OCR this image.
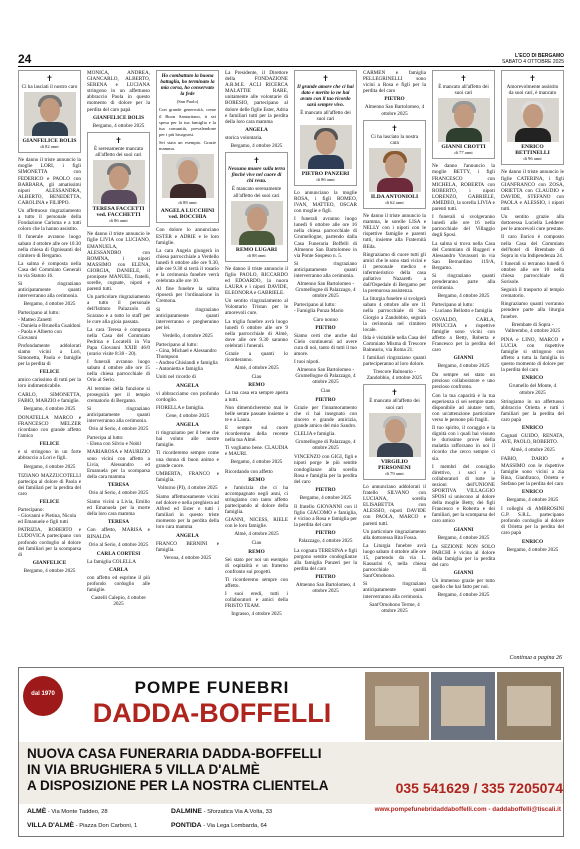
24	L'ECO DI BERGAMO
SABATO 4 OTTOBRE 2025
✝
Ci ha lasciati il nostro caro
GIANFELICE BOLIS
di 82 anni

Ne danno il triste annuncio la moglie LORI, i figli SIMONETTA con FEDERICO e PAOLO con BARBARA, gli amatissimi nipoti ALESSANDRA, ALBERTO, BENEDETTA, CAROLINA e FILIPPO.

Un affettuoso ringraziamento a tutto il personale della Fondazione Carisma e a tutti coloro che la hanno assistito.

Il funerale avranno luogo sabato 4 ottobre alle ore 10.30 nella chiesa di Ognissanti del cimitero di Bergamo.

La salma è composta nella Casa del Commiato Generali in via Statuto 16.

Si ringraziano anticipatamente quanti interverranno alla cerimonia.

Bergamo, 4 ottobre 2025

Partecipano al lutto:
- Matteo Zanetti
- Daniela e Brunella Gualdoni
- Paola e Alberto con Giovanni

Profondamente addolorati siamo vicini a Lori, Simonetta, Paola e famiglie per la perdita di

FELICE

amico carissimo di tutti per la loro indimenticabile.

CARLO, SIMONETTA, FABIO, MARZIO e famiglie.

Bergamo, 4 ottobre 2025

DONATELLA MARCO e FRANCESCO MELZER ricordano con grande affetto l'amico

FELICE

e si stringono in un forte abbraccio a Lori e figli.

Bergamo, 4 ottobre 2025

TIZIANO MAZZUCOTELLI partecipa al dolore di Paola e dei familiari per la perdita del caro

FELICE

Partecipano:
- Giovanni e Pietina, Nicola ed Emanuele e figli tutti

PATRIZIA, ROBERTO e LUDOVICA partecipano con profondo cordoglio al dolore dei familiari per la scomparsa di

GIANFELICE
Bergamo, 4 ottobre 2025

MONICA, ANDREA, GIANCARLO, ALBERTO, SERENA e LUCIANA stringono in un affettuoso abbraccio Paola in questo momento di dolore per la perdita del caro papà

GIANFELICE BOLIS
Bergamo, 4 ottobre 2025
✝
È serenamente mancata all'affetto dei suoi cari
TERESA FACCETTI ved. FACCHETTI
di 86 anni

Ne danno il triste annuncio le figlie LIVIA con LUCIANO, EMANUELA, ALESSANDRO con ROMINA, i nipoti MASSIMO con ELENA, GIORGIA, DANIELE, il pronipote MANUEL, fratelli, sorelle, cognate, nipoti e parenti tutti.

Un particolare ringraziamento a tutto il personale dell'Istituto Palazzolo di Scarano e a tutto lo staff per le cure alla gioia passata.

La cara Teresa è composta nella Casa del Commiato Pedrina e Locatelli in Via Papa Giovanni XXIII 46/0 (orario visite 8:30 - 20).

I funerali avranno luogo sabato 4 ottobre alle ore 15 nella chiesa parrocchiale di Orio al Serio.

Al termine della funzione si proseguirà per il tempio crematorio di Bergamo.

Si ringraziano anticipatamente quanti interverranno alla cerimonia.

Orio al Serio, 4 ottobre 2025

Partecipa al lutto:
- Elena con Silvio e Nobil

MARIAROSA e MAURIZIO sono vicini con affetto a Livia, Alessandro ed Emanuela per la scomparsa della cara mamma

TERESA
Orio al Serio, 4 ottobre 2025

Siamo vicini a Livia, Emilio ed Emanuela per la morte della loro cara mamma

TERESA

Con affetto, MARISA e RINALDA

Orio al Serio, 4 ottobre 2025
CARLA CORTESI

La famiglia COLELLA

CARLA

con affetto ed esprime il più profondo cordoglio alle famiglie.

Castelli Calepio, 4 ottobre 2025
Ho combattuto la buona battaglia, ho terminato la mia corsa, ho conservato la fede
(San Paolo)

Con grande generosità, come il Buon Samaritano, ti sei spesa per la tua famiglia e la tua comunità, prevalendone per i più bisognosi.

Sei stata un esempio. Grazie mamma.

di 88 anni
ANGELA LUCCHINI ved. BOCCHIA

Con dolore lo annunciano ESTER e ADRIE e le loro famiglie.

La cara Angela giungerà in chiesa parrocchiale a Verdello lunedì 6 ottobre alle ore 9.30, alle ore 9.30 si terrà il rosario e la cerimonia funebre verrà celebrata alle ore 10.

Al fine funebre la salma riposerà per l'ordinazione in Cremona.

Si ringraziano anticipatamente quanti interverranno e pregheranno per lei.

Verdello, 4 ottobre 2025

Partecipano al lutto:
- Gina, Michael e Alessandro Thompson
- Andrea Ghislandi e famiglia
- Antonietta e famiglia

Uniti nel ricordo di

ANGELA

vi abbracciamo con profondo cordoglio.

FIORELLA e famiglia.

Cene, 4 ottobre 2025
ANGELA

ti ringraziamo per il bene che hai voluto alle nostre famiglie.

Ti ricorderemo sempre come una donna di buon animo e grande cuore.

UMBERTA, FRANCO e famiglia.

Volturno (PI), 4 ottobre 2025

Siamo affettuosamente vicini nel dolore e nella preghiera ad Alfred ed Ester e tutti i familiari in questo triste momento per la perdita della loro cara mamma

ANGELA

FRANCO BERNINI e famiglia.

Verona, 4 ottobre 2025

La Presidente, il Direttore della FONDAZIONE A.R.M.E. ACLI RICERCA MALATTIE RARE, unitamente alle volontarie di BORESIO, partecipano al dolore delle figlie Ester, Adria e familiari tutti per la perdita della loro cara mamma

ANGELA

storica volontaria.

Bergamo, 4 ottobre 2025
✝
Nessuno muore sulla terra finché vive nel cuore di chi resta.
È mancato serenamente all'affetto dei suoi cari
REMO LUGARI
di 88 anni

Ne danno il triste annuncio il figlio PAOLO, RICCARDO ed EDOARDO, la nuora LAURA e i nipoti DAVIDE, ELEONORA e GABRIELE.

Un sentito ringraziamento al Volontario Tristan per le amorevoli cure.

La triglia funebre avrà luogo lunedì 6 ottobre alle ore 9 nella parrocchiale di Almè, dove alle ore 9.30 saranno celebrati i funerali.

Grazie a quanti lo ricorderanno.

Almè, 4 ottobre 2025
Ciao
REMO

La tua casa era sempre aperta a tutti.

Non dimenticheremo mai le belle serate passate insieme a te e a Laura.

E sempre sul cuore ricorderemo della recente nella tua Almè.

Ti vogliamo bene. CLAUDIA e MAURI.

Bergamo, 4 ottobre 2025

Ricordando con affetto

REMO

e l'amicizia che ci ha accompagnato negli anni, ci stringiamo con tanto affetto partecipando al dolore della famiglia.

GIANNI, NICESS, RIELE con le loro famiglie.

Almè, 4 ottobre 2025
Ciao
REMO

Sei stato per noi un esempio di ospitalità e un fraterno confronto sui progetti.

Ti ricorderemo sempre con affetto.

I suoi eredi, tutti i collaboratori e amici della FRISTO TEAM.

Ingrasso, 4 ottobre 2025
✝
Il grande amore che ci hai dato e merito io ne hai avuto con il tuo ricordo sarà sempre vivo.
È mancato all'affetto dei suoi cari
PIETRO PANZERI
di 86 anni

Lo annunciano la moglie ROSA, i figli ROMEO, IVAN, MATTEO, OSCAR con moglie e figli.

I funerali avranno luogo lunedì 6 ottobre alle ore 16 nella chiesa parrocchiale di Grumellogne, partendo dalla Casa Funeraria Boffelli di Almenno San Bartolomeo in via Ponte Sospeso n. 5.

Si ringraziano anticipatamente quanti interverranno alla cerimonia.

Almenno San Bartolomeo - Grumellogne di Palazzago, 4 ottobre 2025

Partecipano al lutto:
- Famiglia Punza Mario

Caro nonno
PIETRO

Siamo certi che anche dal Cielo continuerai ad avere cura di noi, tanto di tutti il tuo amore.

I tuoi nipoti.

Almenno San Bartolomeo - Grumellogne di Palazzago, 4 ottobre 2025
Ciao
PIETRO

Grazie per l'innamoramento che ci hai insegnato con sincero e grande amicizia, grande amico del mio Sandro.

CLELIA e famiglia.

Grumellogne di Palazzago, 4 ottobre 2025

VINCENZO con GIGI, figli e nipoti porge le più sentite condoglianze alla sorella Rosa e famiglia per la perdita del caro

PIETRO
Bergamo, 4 ottobre 2025

Il fratello GIOVANNI con il figlio GIACOMO e famiglia, è vicino a Rosa e famiglia per la perdita del caro

PIETRO
Palazzago, 4 ottobre 2025

La cognata TERESINA e figli porgono sentite condoglianze alla famiglia Panzeri per la perdita del caro

PIETRO
Almenno San Bartolomeo, 4 ottobre 2025

CARMEN e famiglia PELLEGRINELLI sono vicini a Rosa e figli per la perdita del caro

PIETRO
Almenno San Bartolomeo, 4 ottobre 2025
✝
Ci ha lasciato la nostra cara
ILDA ANTONIOLI
di 62 anni

Ne danno il triste annuncio la mamma, le sorelle LISA e NELLY con i nipoti con le rispettive famiglie e parenti tutti, insieme alla Fraternità BEda.

Ringraziamo di cuore tutti gli amici che le sono stati vicini e il personale medico e infermieristico della casa pallativo Nazareth a dall'Ospedale di Bergamo per la premurosa assistenza.

La liturgia funebre si svolgerà sabato 4 ottobre alle ore 11 nella parrocchiale di San Giorgio a Zandobbio, seguirà la cerimonia nel cimitero locale.

Ilda è visitabile nella Casa del Commiato Misma di Trescore Balneario, via Roma 21.

I familiari ringraziano quanti parteciperanno al loro dolore.

Trescore Balneario - Zandobbio, 4 ottobre 2025
✝
È mancato all'affetto dei suoi cari
VIRGILIO PERSONENI
di 79 anni

Lo annunciano addolorati il fratello SILVANO con LUCIANA, sorella ELISABETTA con ALESSIO, nipoti DAVIDE con PAOLA, MARCO e parenti tutti.

Un particolare ringraziamento alla dottoressa Rita Fossa.

La Liturgia funebre avrà luogo sabato 4 ottobre alle ore 15, partendo da via L. Kassarini 6, nella chiesa parrocchiale di Sant'Omobono.

Si ringraziano anticipatamente quanti interverranno alla cerimonia.

Sant'Omobono Terme, 4 ottobre 2025
✝
È mancato all'affetto dei suoi cari
GIANNI CROTTI
di 77 anni

Ne danno l'annuncio la moglie BETTY, i figli FRANCESCO con MICHELA, ROBERTA con ROBERTO, i nipoti LORENZO, GABRIELE, AMEDEO, la sorella LIVIA e parenti tutti.

I funerali si svolgeranno lunedì alle ore 16 nella parrocchiale del Villaggio degli Sposi.

La salma si trova nella Casa del Commiato di Ruggeri e Alessandro Vavassori in via San Bernardino 119/A, Bergamo.

Si ringraziano quanti prenderanno parte alla cerimonia.

Bergamo, 4 ottobre 2025

Partecipano al lutto:
- Luciano Bellotto e famiglia

OSVALDO, CARLA, PINUCCIA e rispettive famiglie sono vicini con affetto a Betty, Roberta e Francesco per la perdita del caro

GIANNI
Bergamo, 4 ottobre 2025

Da sempre sei stato un prezioso collaboratore e uno prezioso confronto.

Con la tua capacità e la tua esperienza ci sei sempre stato disponibile ad aiutare tutti, con un'attenzione particolare verso le persone più fragili.

Il tuo spirito, il coraggio e la dignità con i quali hai vissuto le durissime prove della malattia rafforzano in noi il ricordo che cerco sempre ci sia.

I membri del consiglio direttivo, i soci e i collaboratori di tutte le sezioni dell'UNIONE SPORTIVA VILLAGGIO SPOSI si uniscono al dolore della moglie Betty, dei figli Francesco e Roberta e dei familiari, per la scomparsa del caro amico

GIANNI
Bergamo, 4 ottobre 2025

La SEZIONE NON SOLO PARCHI è vicina al dolore della famiglia per la perdita del caro

GIANNI

Un immenso grazie per tutto quello che hai fatto per noi.

Bergamo, 4 ottobre 2025
✝
Amorevolmente assistito da suoi cari, è mancato
ENRICO BETTINELLI
di 96 anni

Ne danno il triste annuncio le figlie CATERINA, i figli GIANFRANCO con ZOSA, ORIETTA con CLAUDIO e DAVIDE, STEFANO con PAOLA e ALESSIO, i nipoti tutti.

Un sentito grazie alla dottoressa Luciella Ledderer per le amorevoli cure prestate.

Il caro Enrico è composto nella Casa del Commiato dell'hotel di Brembate di Sopra in via Indipendenza 24.

I funerali si terranno lunedì 6 ottobre alle ore 10 nella chiesa parrocchiale di Sorisole.

Seguirà il trasporto al tempio crematorio.

Ringraziamo quanti vorranno prendere parte alla liturgia funebre.

Brembate di Sopra - Valbrembo, 4 ottobre 2025

PINA e LINO, MARCO e LUCIA con rispettive famiglie si stringono con affetto a tutta la famiglia in questo momento di dolore per la perdita del caro

ENRICO
Grumello del Monte, 4 ottobre 2025

Stringiamo in un affettuoso abbraccio Orietta e tutti i familiari per la perdita del caro papà

ENRICO

Cognati GUIDO, RENATA, AVE, PAOLO, ROBERTO.

Almè, 4 ottobre 2025

FABIO, DARIO e MASSIMO con le rispettive famiglie sono vicini a zia Rina, Gianfranco, Orietta e Stefano per la perdita del caro

ENRICO
Bergamo, 4 ottobre 2025

I colleghi di AMBROSINI G.P. S.R.L. partecipano profondo cordoglio al dolore di Orietta per la perdita del caro papà

ENRICO
Bergamo, 4 ottobre 2025
Continua a pagina 26
dal 1970	POMPE FUNEBRI
DADDA-BOFFELLI
NUOVA CASA FUNERARIA DADDA-BOFFELLI
IN VIA BRUGHIERA 5 VILLA D'ALMÈ
A DISPOSIZIONE PER LA NOSTRA CLIENTELA
ALMÈ - Via Monte Taddeo, 28	DALMINE - Sforzatica Via A.Volta, 33
VILLA D'ALMÈ - Piazza Don Carboni, 1	PONTIDA - Via Lega Lombarda, 64
035 541629 / 335 7205074
www.pompefunebridaddaboffelli.com - daddaboffelli@tiscali.it
